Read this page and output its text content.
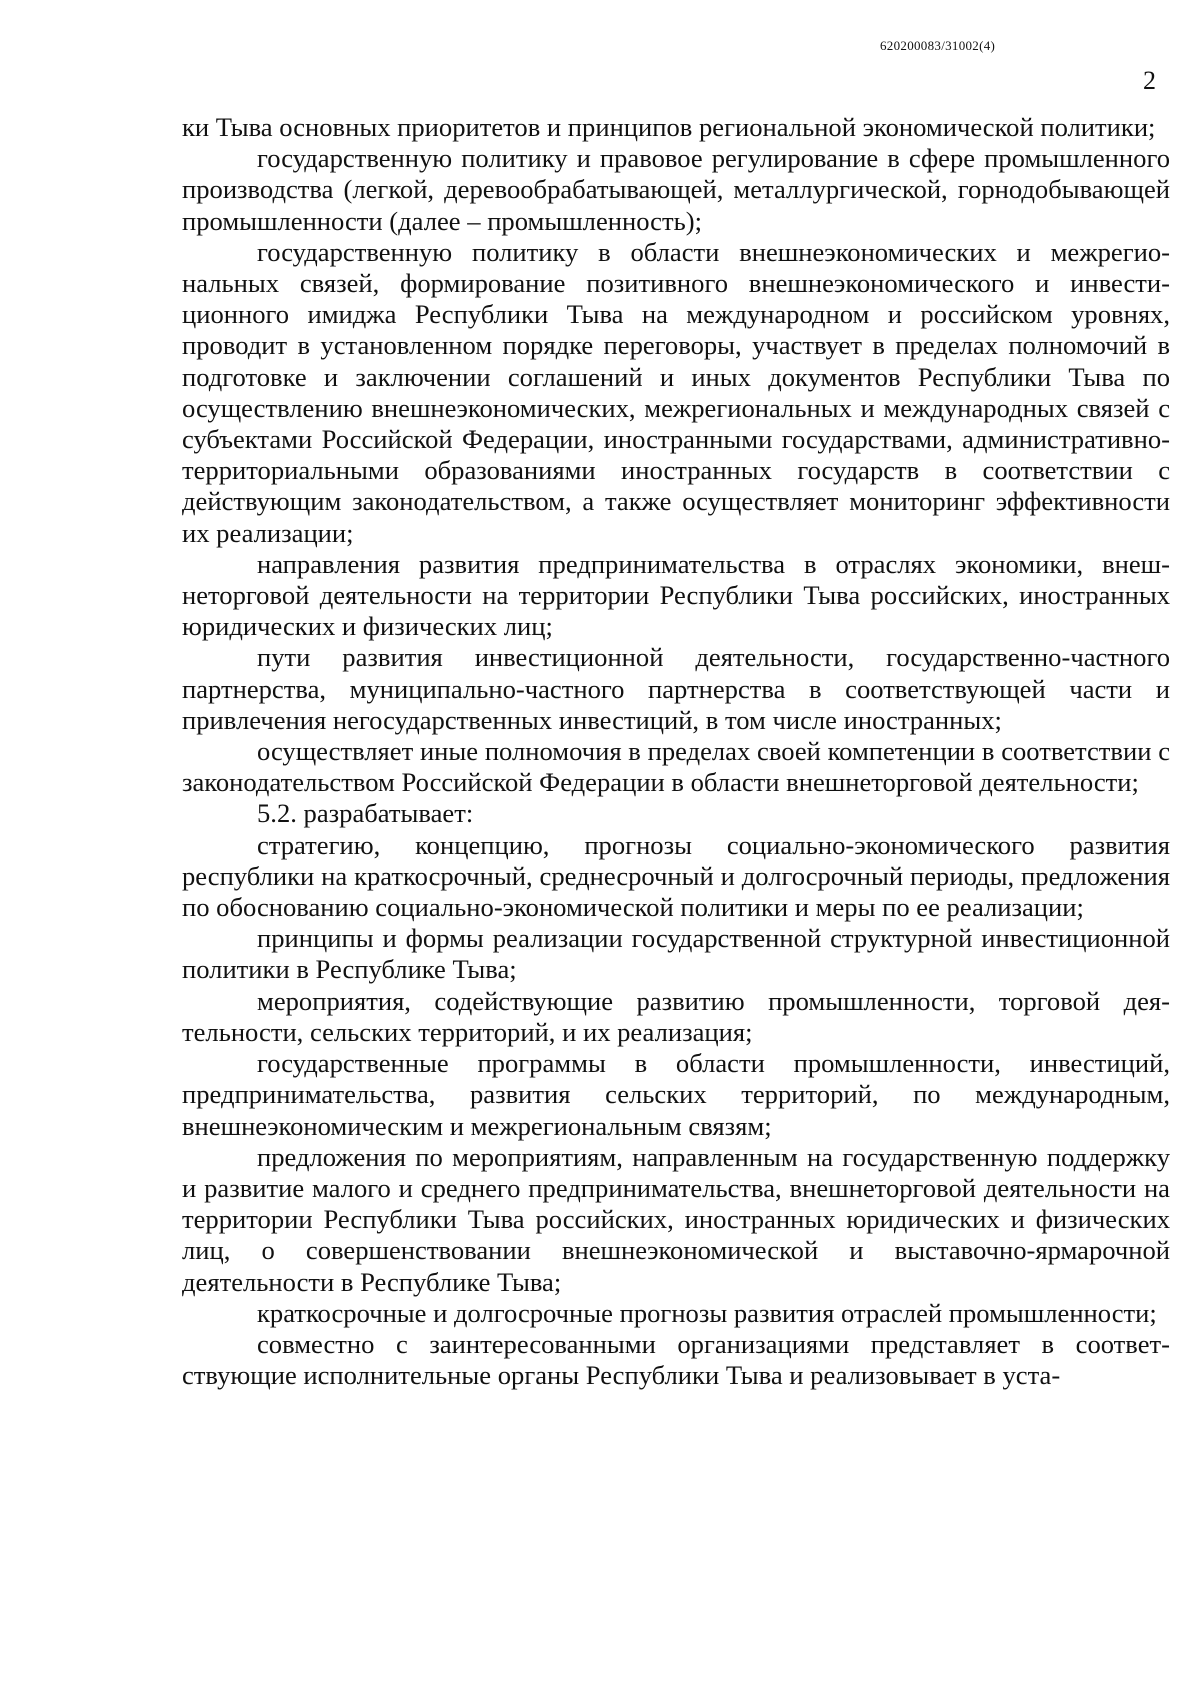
620200083/31002(4)
2

ки Тыва основных приоритетов и принципов региональной экономической политики;

государственную политику и правовое регулирование в сфере промышленного производства (легкой, деревообрабатывающей, металлургической, горнодобывающей промышленности (далее – промышленность);

государственную политику в области внешнеэкономических и межрегиональных связей, формирование позитивного внешнеэкономического и инвестиционного имиджа Республики Тыва на международном и российском уровнях, проводит в установленном порядке переговоры, участвует в пределах полномочий в подготовке и заключении соглашений и иных документов Республики Тыва по осуществлению внешнеэкономических, межрегиональных и международных связей с субъектами Российской Федерации, иностранными государствами, административно-территориальными образованиями иностранных государств в соответствии с действующим законодательством, а также осуществляет мониторинг эффективности их реализации;

направления развития предпринимательства в отраслях экономики, внешнеторговой деятельности на территории Республики Тыва российских, иностранных юридических и физических лиц;

пути развития инвестиционной деятельности, государственно-частного партнерства, муниципально-частного партнерства в соответствующей части и привлечения негосударственных инвестиций, в том числе иностранных;

осуществляет иные полномочия в пределах своей компетенции в соответствии с законодательством Российской Федерации в области внешнеторговой деятельности;

5.2. разрабатывает:

стратегию, концепцию, прогнозы социально-экономического развития республики на краткосрочный, среднесрочный и долгосрочный периоды, предложения по обоснованию социально-экономической политики и меры по ее реализации;

принципы и формы реализации государственной структурной инвестиционной политики в Республике Тыва;

мероприятия, содействующие развитию промышленности, торговой деятельности, сельских территорий, и их реализация;

государственные программы в области промышленности, инвестиций, предпринимательства, развития сельских территорий, по международным, внешнеэкономическим и межрегиональным связям;

предложения по мероприятиям, направленным на государственную поддержку и развитие малого и среднего предпринимательства, внешнеторговой деятельности на территории Республики Тыва российских, иностранных юридических и физических лиц, о совершенствовании внешнеэкономической и выставочно-ярмарочной деятельности в Республике Тыва;

краткосрочные и долгосрочные прогнозы развития отраслей промышленности;

совместно с заинтересованными организациями представляет в соответствующие исполнительные органы Республики Тыва и реализовывает в уста-
